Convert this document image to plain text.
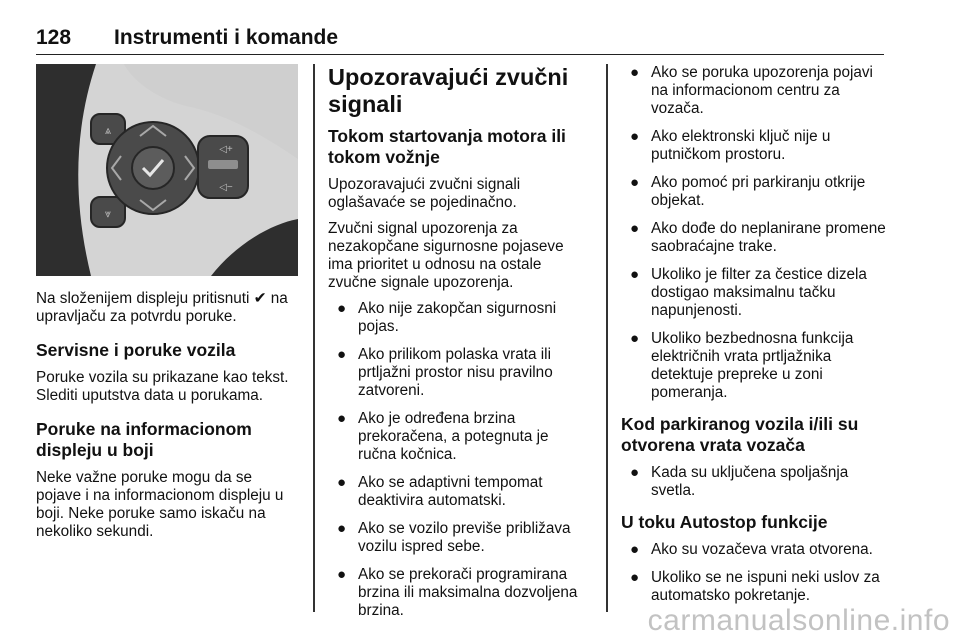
128 Instrumenti i komande
⩓
⩔
◁+
◁−

Na složenijem displeju pritisnuti ✔ na upravljaču za potvrdu poruke.

Servisne i poruke vozila

Poruke vozila su prikazane kao tekst. Slediti uputstva data u porukama.

Poruke na informacionom displeju u boji

Neke važne poruke mogu da se pojave i na informacionom displeju u boji. Neke poruke samo iskaču na nekoliko sekundi.

Upozoravajući zvučni signali
Tokom startovanja motora ili tokom vožnje

Upozoravajući zvučni signali oglašavaće se pojedinačno.

Zvučni signal upozorenja za nezakopčane sigurnosne pojaseve ima prioritet u odnosu na ostale zvučne signale upozorenja.

● Ako nije zakopčan sigurnosni pojas.
● Ako prilikom polaska vrata ili prtljažni prostor nisu pravilno zatvoreni.
● Ako je određena brzina prekoračena, a potegnuta je ručna kočnica.
● Ako se adaptivni tempomat deaktivira automatski.
● Ako se vozilo previše približava vozilu ispred sebe.
● Ako se prekorači programirana brzina ili maksimalna dozvoljena brzina.
● Ako se poruka upozorenja pojavi na informacionom centru za vozača.
● Ako elektronski ključ nije u putničkom prostoru.
● Ako pomoć pri parkiranju otkrije objekat.
● Ako dođe do neplanirane promene saobraćajne trake.
● Ukoliko je filter za čestice dizela dostigao maksimalnu tačku napunjenosti.
● Ukoliko bezbednosna funkcija električnih vrata prtljažnika detektuje prepreke u zoni pomeranja.
Kod parkiranog vozila i/ili su otvorena vrata vozača
● Kada su uključena spoljašnja svetla.
U toku Autostop funkcije
● Ako su vozačeva vrata otvorena.
● Ukoliko se ne ispuni neki uslov za automatsko pokretanje.
carmanualsonline.info
